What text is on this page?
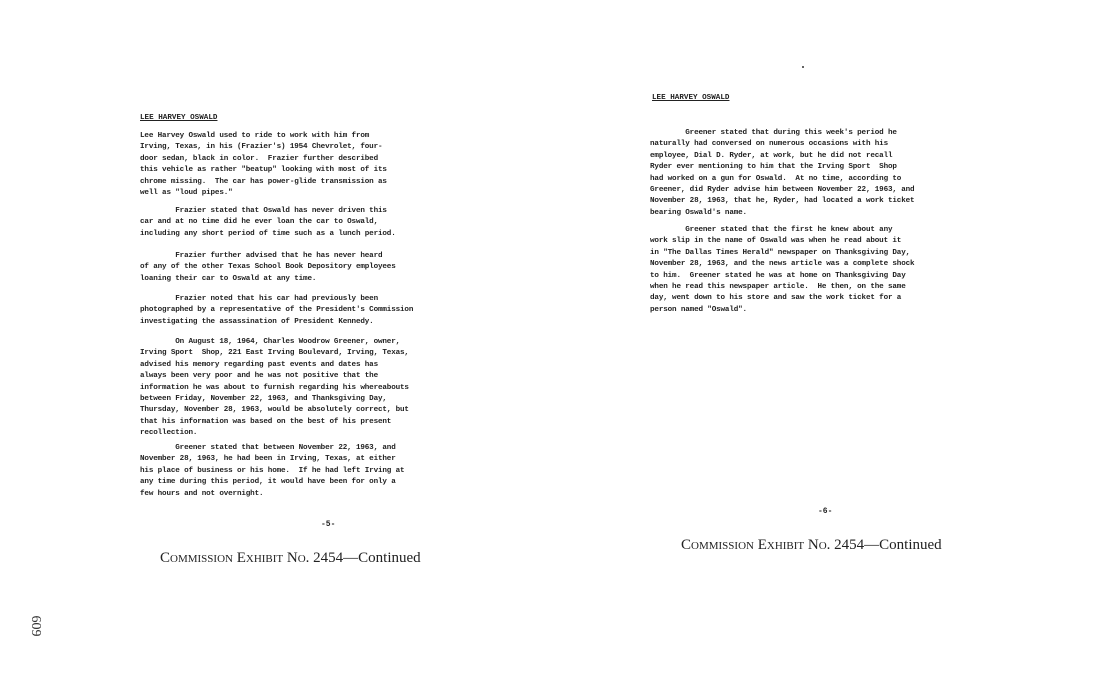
LEE HARVEY OSWALD
Lee Harvey Oswald used to ride to work with him from
Irving, Texas, in his (Frazier's) 1954 Chevrolet, four-
door sedan, black in color.  Frazier further described
this vehicle as rather "beatup" looking with most of its
chrome missing.  The car has power-glide transmission as
well as "loud pipes."
Frazier stated that Oswald has never driven this
car and at no time did he ever loan the car to Oswald,
including any short period of time such as a lunch period.
Frazier further advised that he has never heard
of any of the other Texas School Book Depository employees
loaning their car to Oswald at any time.
Frazier noted that his car had previously been
photographed by a representative of the President's Commission
investigating the assassination of President Kennedy.
On August 18, 1964, Charles Woodrow Greener, owner,
Irving Sport  Shop, 221 East Irving Boulevard, Irving, Texas,
advised his memory regarding past events and dates has
always been very poor and he was not positive that the
information he was about to furnish regarding his whereabouts
between Friday, November 22, 1963, and Thanksgiving Day,
Thursday, November 28, 1963, would be absolutely correct, but
that his information was based on the best of his present
recollection.
Greener stated that between November 22, 1963, and
November 28, 1963, he had been in Irving, Texas, at either
his place of business or his home.  If he had left Irving at
any time during this period, it would have been for only a
few hours and not overnight.
-5-
Commission Exhibit No. 2454—Continued
LEE HARVEY OSWALD
Greener stated that during this week's period he
naturally had conversed on numerous occasions with his
employee, Dial D. Ryder, at work, but he did not recall
Ryder ever mentioning to him that the Irving Sport  Shop
had worked on a gun for Oswald.  At no time, according to
Greener, did Ryder advise him between November 22, 1963, and
November 28, 1963, that he, Ryder, had located a work ticket
bearing Oswald's name.
Greener stated that the first he knew about any
work slip in the name of Oswald was when he read about it
in "The Dallas Times Herald" newspaper on Thanksgiving Day,
November 28, 1963, and the news article was a complete shock
to him.  Greener stated he was at home on Thanksgiving Day
when he read this newspaper article.  He then, on the same
day, went down to his store and saw the work ticket for a
person named "Oswald".
-6-
Commission Exhibit No. 2454—Continued
609
